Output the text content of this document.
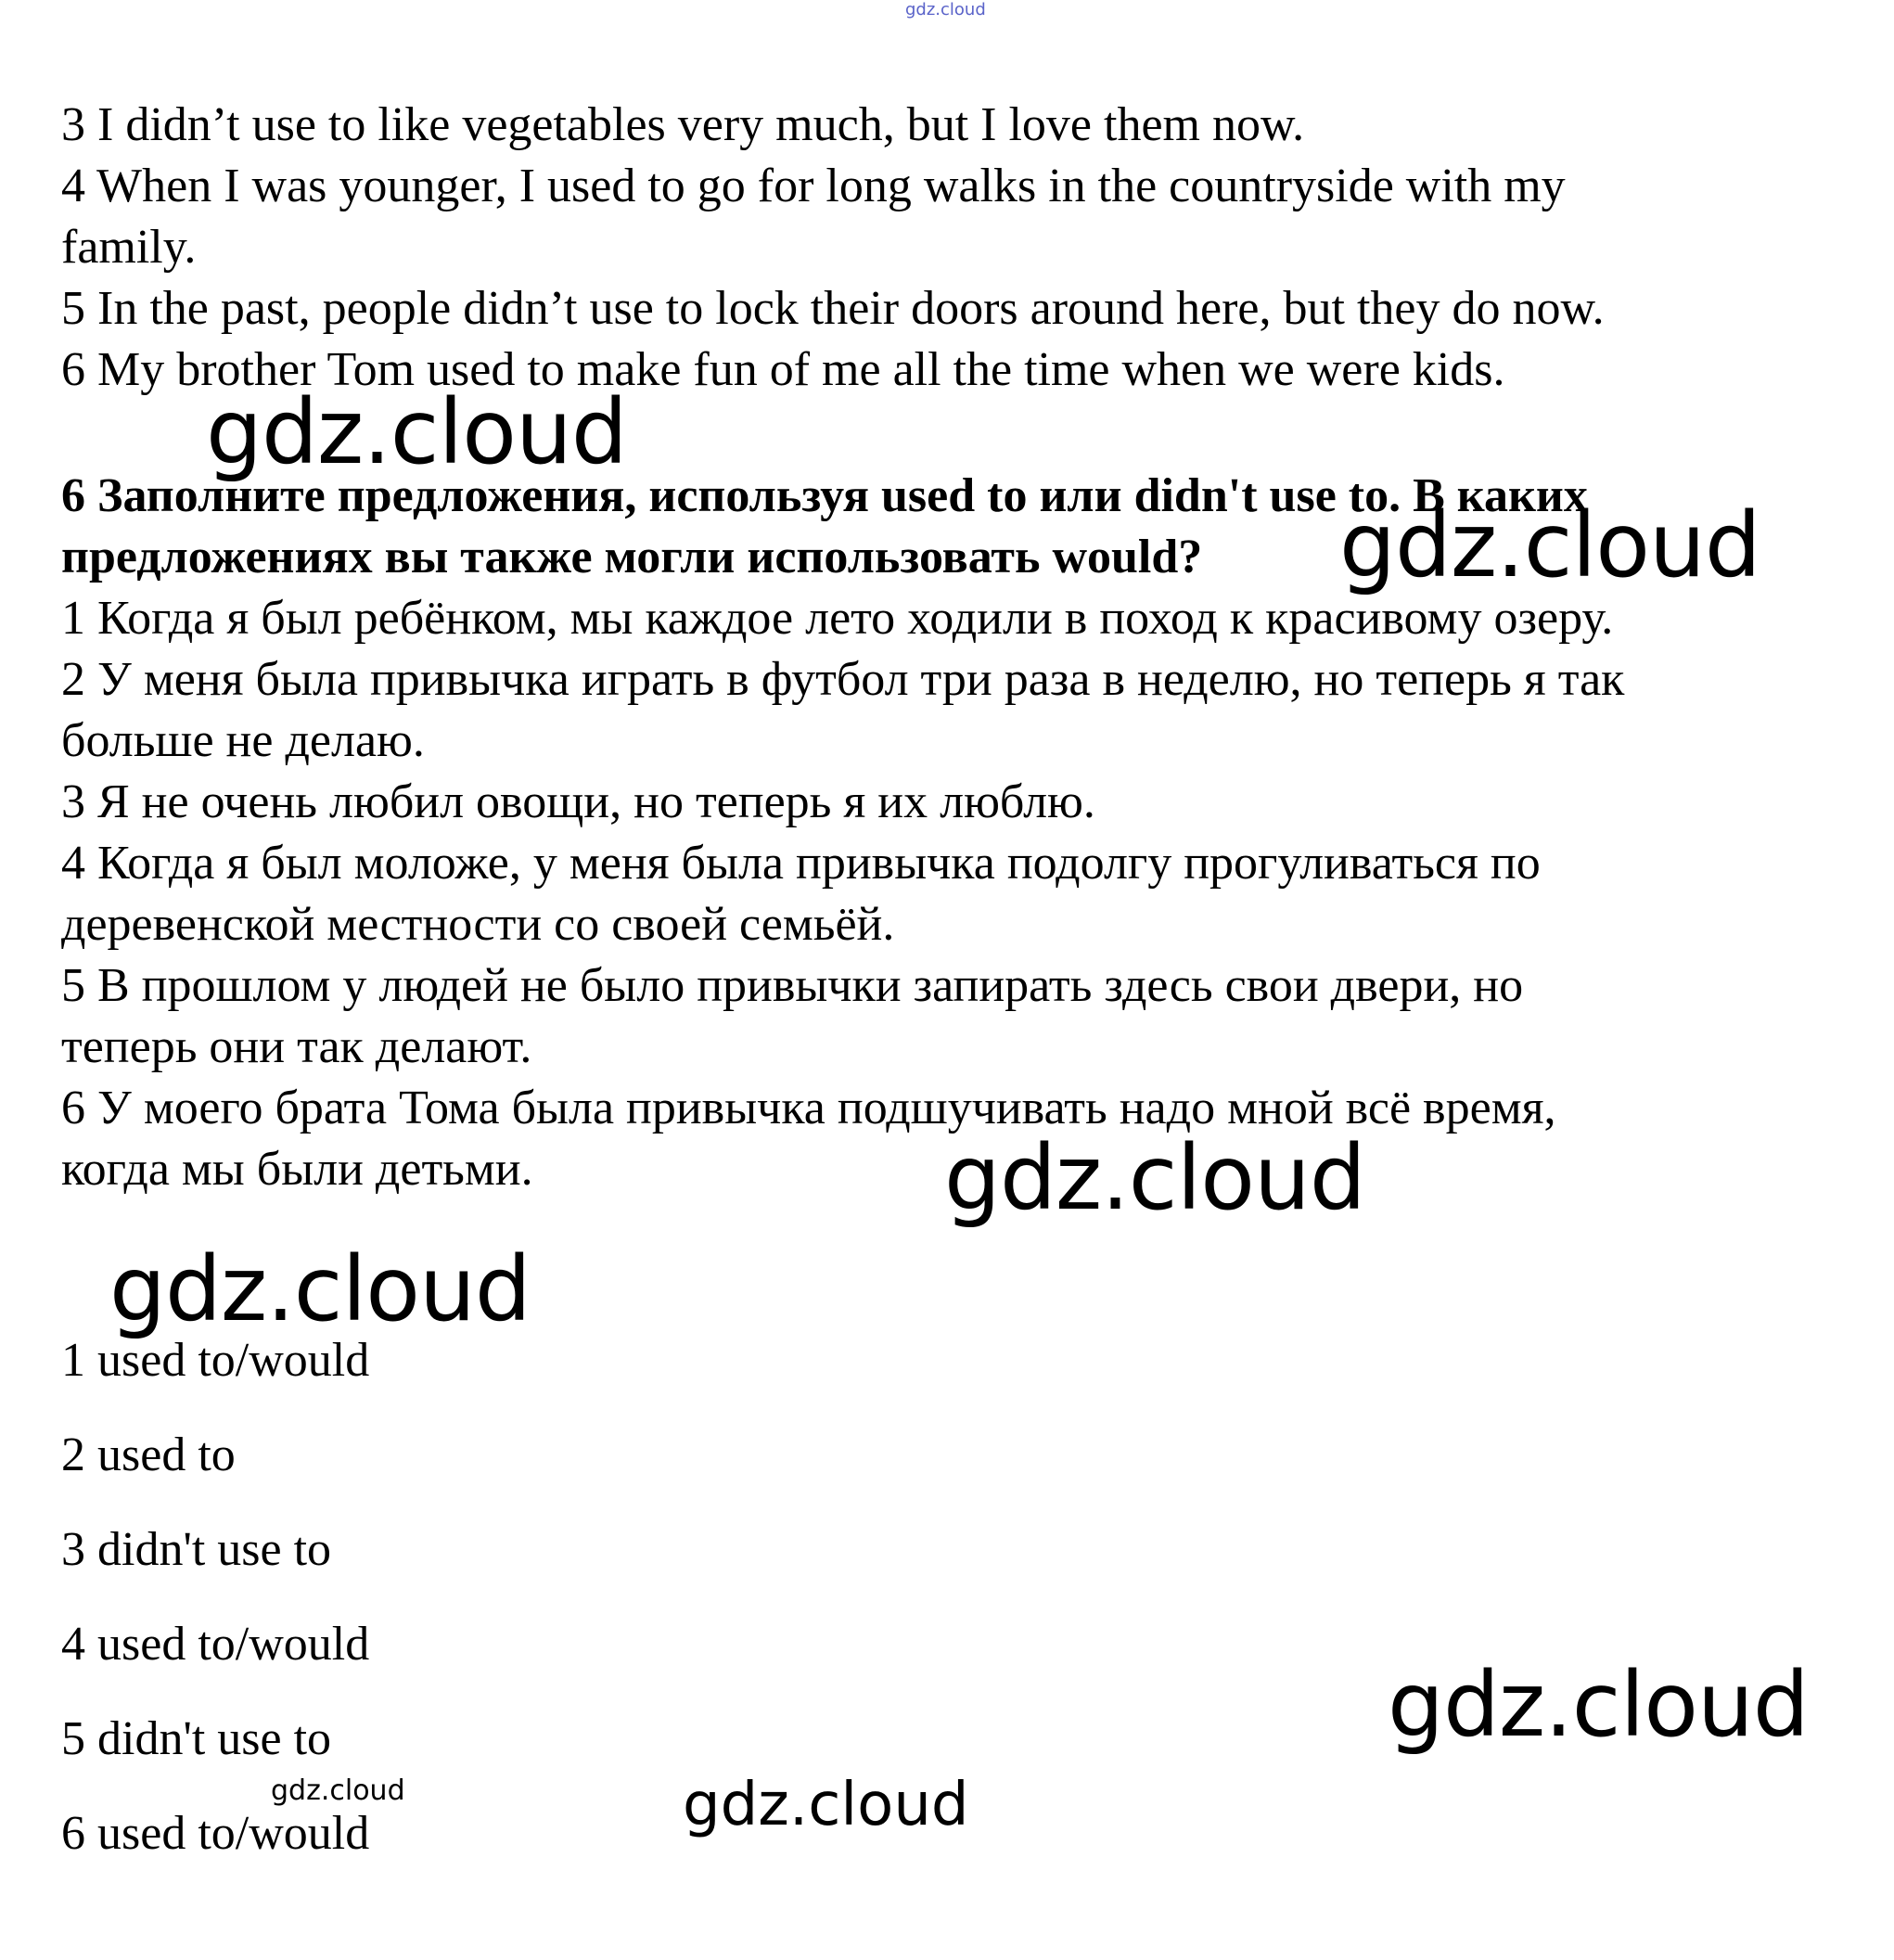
gdz.cloud
3 I didn’t use to like vegetables very much, but I love them now.
4 When I was younger, I used to go for long walks in the countryside with my
family.
5 In the past, people didn’t use to lock their doors around here, but they do now.
6 My brother Tom used to make fun of me all the time when we were kids.
gdz.cloud
6 Заполните предложения, используя used to или didn't use to. В каких
предложениях вы также могли использовать would? gdz.cloud
1 Когда я был ребёнком, мы каждое лето ходили в поход к красивому озеру.
2 У меня была привычка играть в футбол три раза в неделю, но теперь я так
больше не делаю.
3 Я не очень любил овощи, но теперь я их люблю.
4 Когда я был моложе, у меня была привычка подолгу прогуливаться по
деревенской местности со своей семьёй.
5 В прошлом у людей не было привычки запирать здесь свои двери, но
теперь они так делают.
6 У моего брата Тома была привычка подшучивать надо мной всё время,
когда мы были детьми.	gdz.cloud
gdz.cloud
1 used to/would
2 used to
3 didn't use to
4 used to/would
5 didn't use to
6 used to/would
gdz.cloud
gdz.cloud	gdz.cloud
